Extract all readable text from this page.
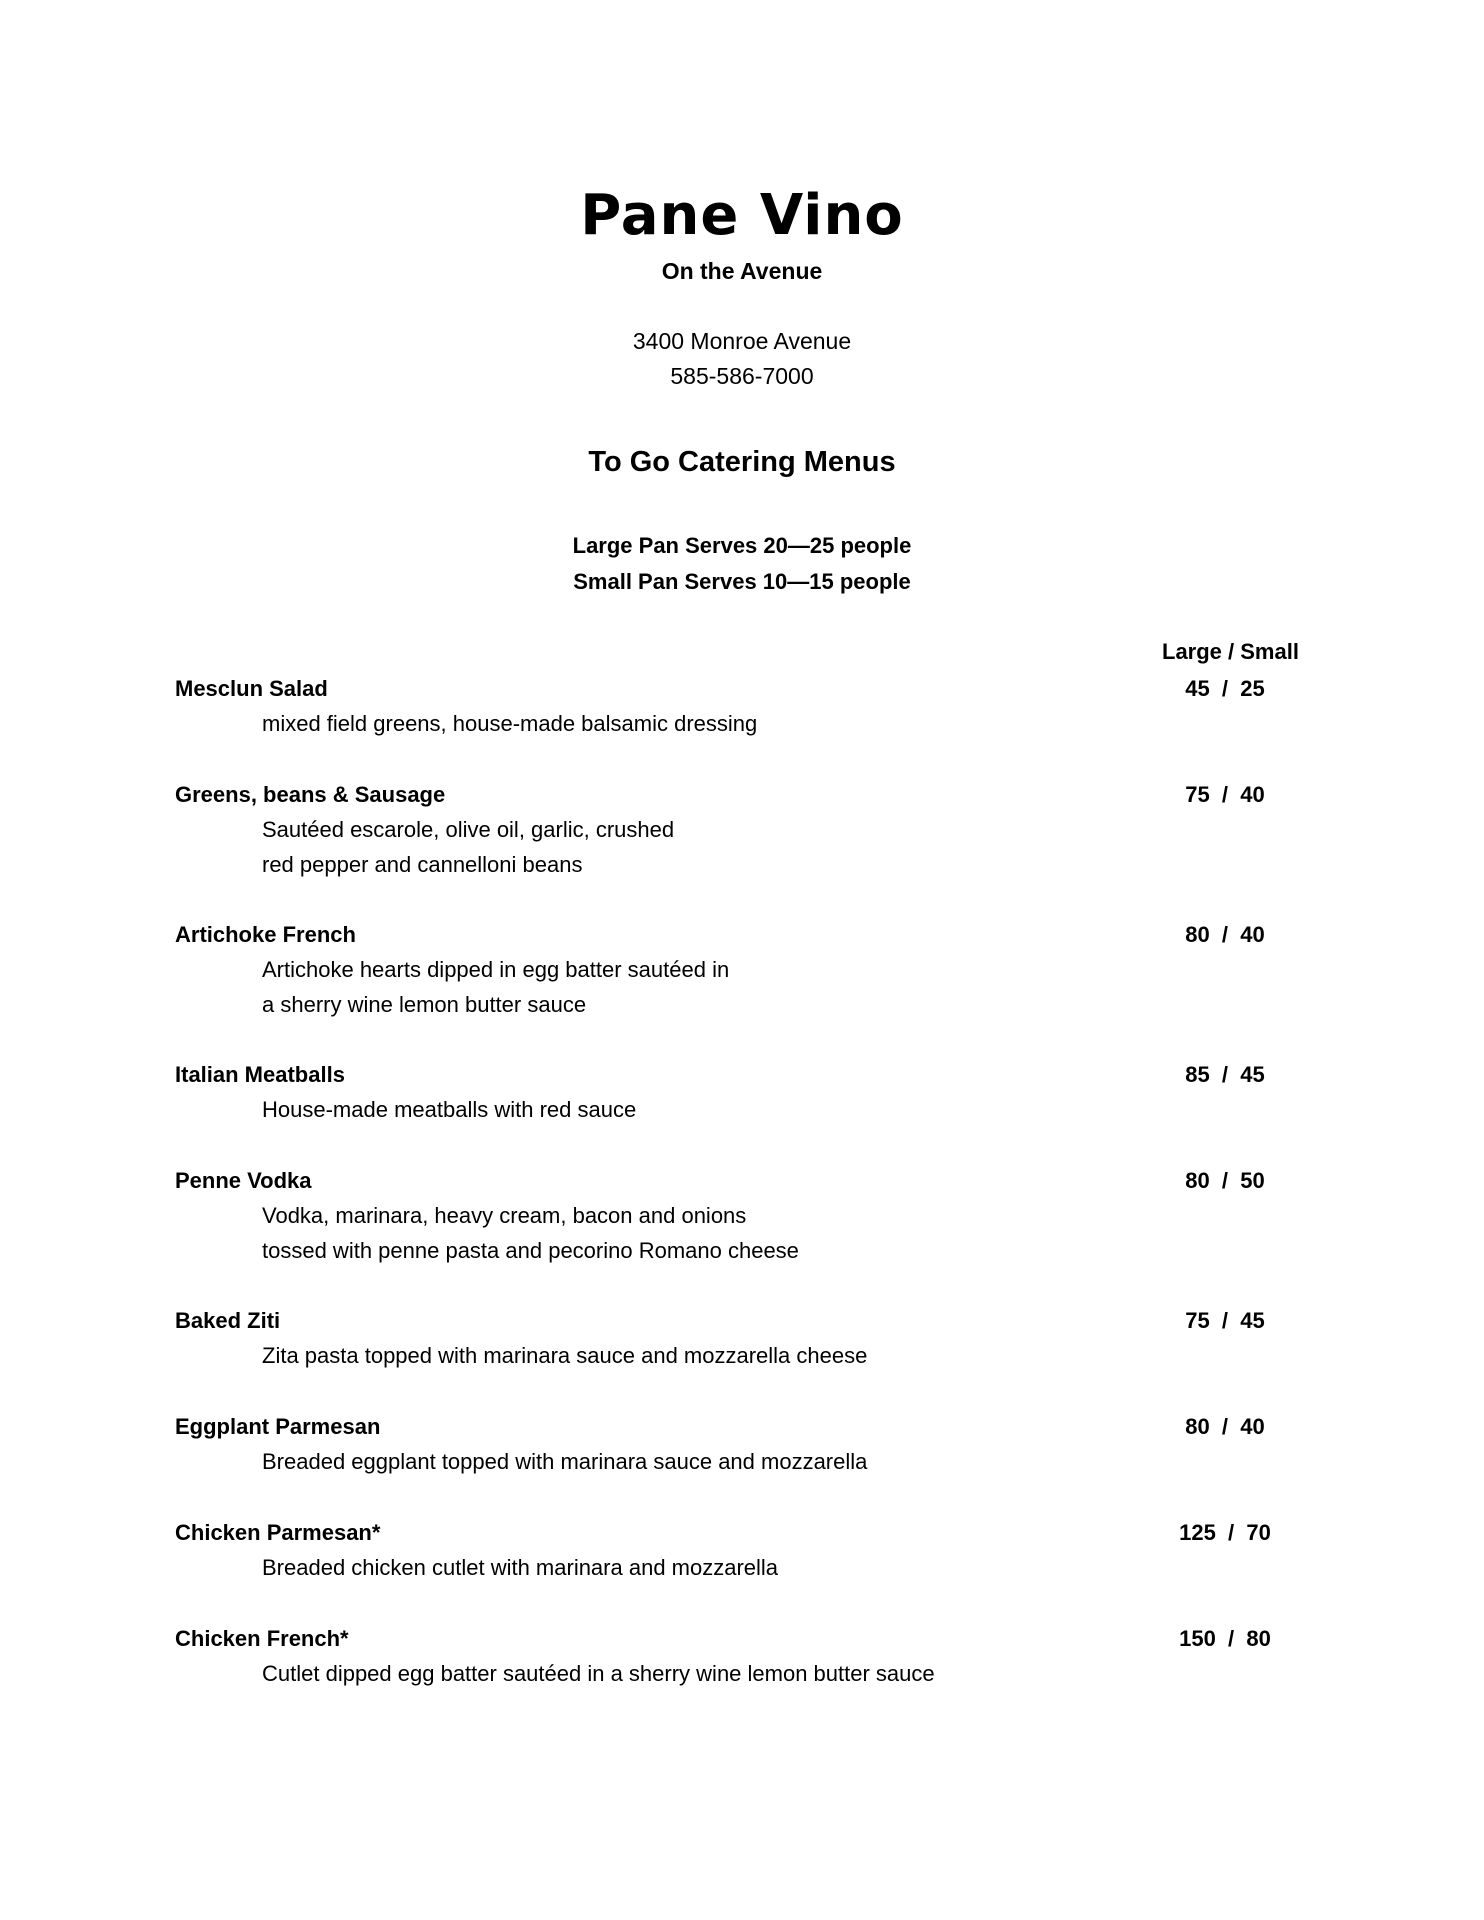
Pane Vino
On the Avenue
3400 Monroe Avenue
585-586-7000
To Go Catering Menus
Large Pan Serves 20—25 people
Small Pan Serves 10—15 people
Large / Small
Mesclun Salad	45  /  25
mixed field greens, house-made balsamic dressing
Greens, beans & Sausage	75  /  40
Sautéed escarole, olive oil, garlic, crushed
red pepper and cannelloni beans
Artichoke French	80  /  40
Artichoke hearts dipped in egg batter sautéed in
a sherry wine lemon butter sauce
Italian Meatballs	85  /  45
House-made meatballs with red sauce
Penne Vodka	80  /  50
Vodka, marinara, heavy cream, bacon and onions
tossed with penne pasta and pecorino Romano cheese
Baked Ziti	75  /  45
Zita pasta topped with marinara sauce and mozzarella cheese
Eggplant Parmesan	80  /  40
Breaded eggplant topped with marinara sauce and mozzarella
Chicken Parmesan*	125  /  70
Breaded chicken cutlet with marinara and mozzarella
Chicken French*	150  /  80
Cutlet dipped egg batter sautéed in a sherry wine lemon butter sauce
